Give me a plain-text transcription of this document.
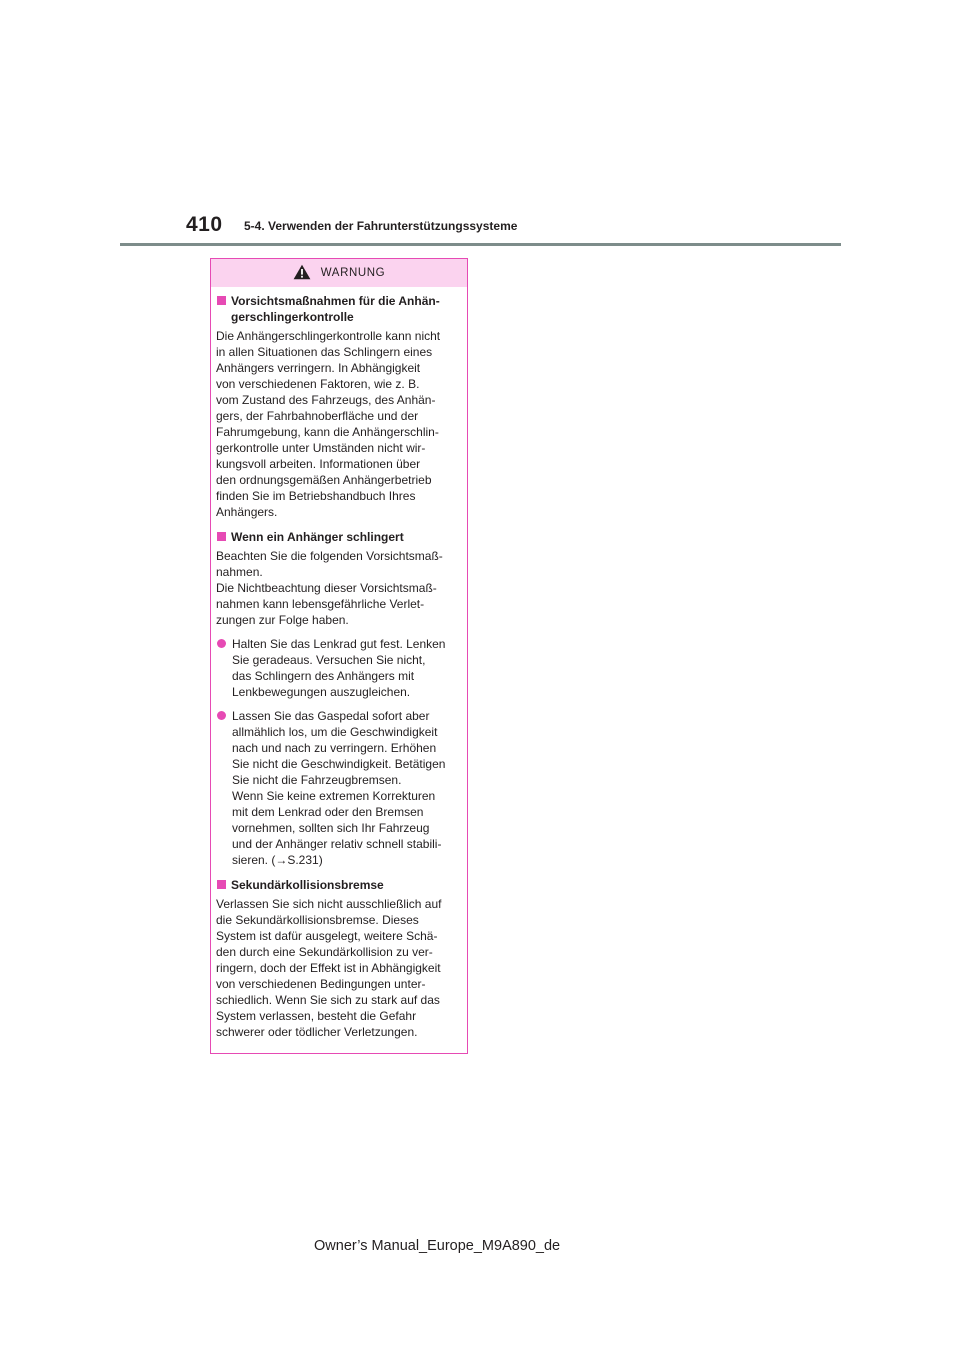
410 5-4. Verwenden der Fahrunterstützungssysteme
WARNUNG
Vorsichtsmaßnahmen für die Anhän-
gerschlingerkontrolle
Die Anhängerschlingerkontrolle kann nicht
in allen Situationen das Schlingern eines
Anhängers verringern. In Abhängigkeit
von verschiedenen Faktoren, wie z. B.
vom Zustand des Fahrzeugs, des Anhän-
gers, der Fahrbahnoberfläche und der
Fahrumgebung, kann die Anhängerschlin-
gerkontrolle unter Umständen nicht wir-
kungsvoll arbeiten. Informationen über
den ordnungsgemäßen Anhängerbetrieb
finden Sie im Betriebshandbuch Ihres
Anhängers.
Wenn ein Anhänger schlingert
Beachten Sie die folgenden Vorsichtsmaß-
nahmen.
Die Nichtbeachtung dieser Vorsichtsmaß-
nahmen kann lebensgefährliche Verlet-
zungen zur Folge haben.
Halten Sie das Lenkrad gut fest. Lenken
Sie geradeaus. Versuchen Sie nicht,
das Schlingern des Anhängers mit
Lenkbewegungen auszugleichen.
Lassen Sie das Gaspedal sofort aber
allmählich los, um die Geschwindigkeit
nach und nach zu verringern. Erhöhen
Sie nicht die Geschwindigkeit. Betätigen
Sie nicht die Fahrzeugbremsen.
Wenn Sie keine extremen Korrekturen
mit dem Lenkrad oder den Bremsen
vornehmen, sollten sich Ihr Fahrzeug
und der Anhänger relativ schnell stabili-
sieren. (→S.231)
Sekundärkollisionsbremse
Verlassen Sie sich nicht ausschließlich auf
die Sekundärkollisionsbremse. Dieses
System ist dafür ausgelegt, weitere Schä-
den durch eine Sekundärkollision zu ver-
ringern, doch der Effekt ist in Abhängigkeit
von verschiedenen Bedingungen unter-
schiedlich. Wenn Sie sich zu stark auf das
System verlassen, besteht die Gefahr
schwerer oder tödlicher Verletzungen.
Owner’s Manual_Europe_M9A890_de
